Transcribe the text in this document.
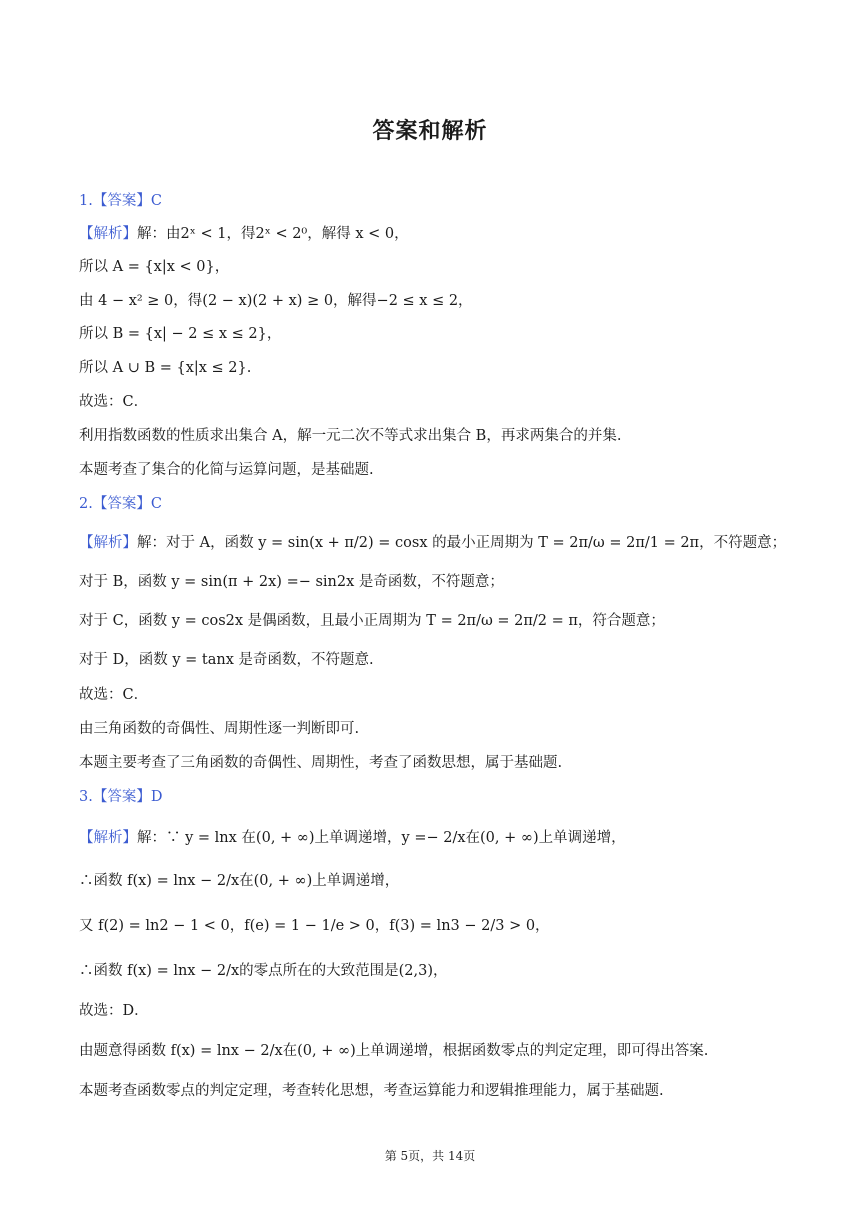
答案和解析
1.【答案】C
【解析】解：由2ˣ < 1，得2ˣ < 2⁰，解得 x < 0，
所以 A = {x|x < 0}，
由 4 − x² ≥ 0，得(2 − x)(2 + x) ≥ 0，解得−2 ≤ x ≤ 2，
所以 B = {x| − 2 ≤ x ≤ 2}，
所以 A ∪ B = {x|x ≤ 2}.
故选：C．
利用指数函数的性质求出集合 A，解一元二次不等式求出集合 B，再求两集合的并集.
本题考查了集合的化简与运算问题，是基础题.
2.【答案】C
【解析】解：对于 A，函数 y = sin(x + π/2) = cosx 的最小正周期为 T = 2π/ω = 2π/1 = 2π，不符题意；
对于 B，函数 y = sin(π + 2x) =− sin2x 是奇函数，不符题意；
对于 C，函数 y = cos2x 是偶函数，且最小正周期为 T = 2π/ω = 2π/2 = π，符合题意；
对于 D，函数 y = tanx 是奇函数，不符题意.
故选：C．
由三角函数的奇偶性、周期性逐一判断即可.
本题主要考查了三角函数的奇偶性、周期性，考查了函数思想，属于基础题.
3.【答案】D
【解析】解：∵ y = lnx 在(0, + ∞)上单调递增，y =− 2/x在(0, + ∞)上单调递增，
∴函数 f(x) = lnx − 2/x在(0, + ∞)上单调递增，
又 f(2) = ln2 − 1 < 0，f(e) = 1 − 1/e > 0，f(3) = ln3 − 2/3 > 0，
∴函数 f(x) = lnx − 2/x的零点所在的大致范围是(2,3)，
故选：D．
由题意得函数 f(x) = lnx − 2/x在(0, + ∞)上单调递增，根据函数零点的判定定理，即可得出答案.
本题考查函数零点的判定定理，考查转化思想，考查运算能力和逻辑推理能力，属于基础题.
第 5页，共 14页
